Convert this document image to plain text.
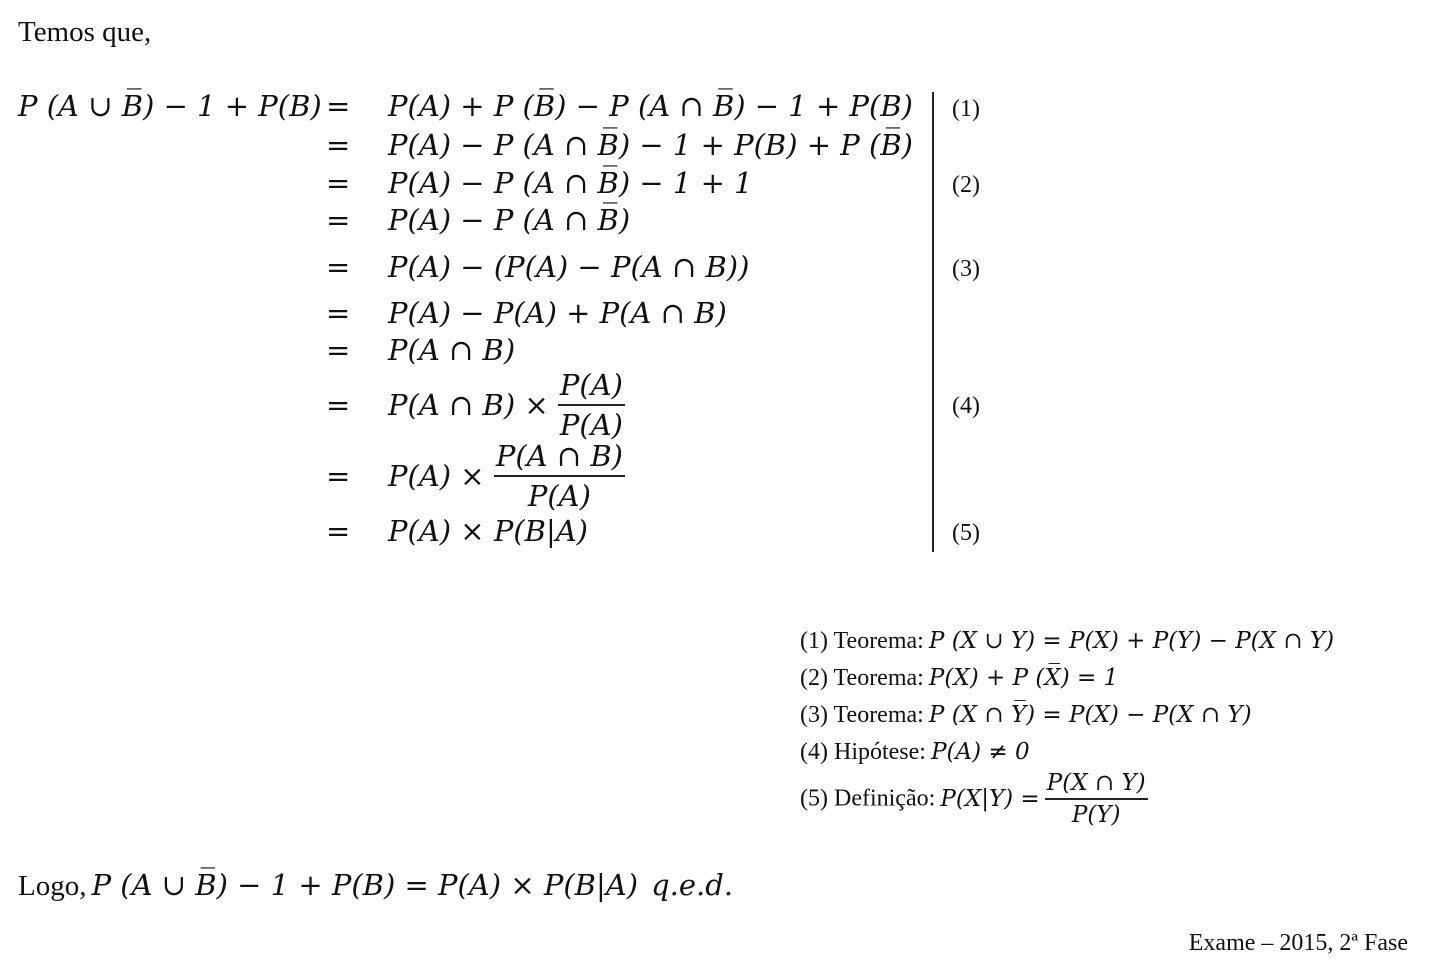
Temos que,
P (A ∪ B̅) − 1 + P(B) = P(A) + P (B̅) − P (A ∩ B̅) − 1 + P(B) (1)
= P(A) − P (A ∩ B̅) − 1 + P(B) + P (B̅)
= P(A) − P (A ∩ B̅) − 1 + 1	(2)
= P(A) − P (A ∩ B̅)
= P(A) − (P(A) − P(A ∩ B))	(3)
= P(A) − P(A) + P(A ∩ B)
= P(A ∩ B)
= P(A ∩ $B) \times \frac{P(A)}{P(A)}$	(4)
= $P(A) \times \frac{P(A \cap B)}{P(A)}$
= P(A) × P(B|A)	(5)
(1) Teorema: P (X ∪ Y) = P(X) + P(Y) − P(X ∩ Y)
(2) Teorema: P(X) + P (X̅) = 1
(3) Teorema: P (X ∩ Y̅) = P(X) − P(X ∩ Y)
(4) Hipótese: P(A) ≠ 0
(5) Definição: $P(X|Y) = \frac{P(X \cap Y)}{P(Y)}$
Logo, P (A ∪ B̅) − 1 + P(B) = P(A) × P(B|A) q.e.d.
Exame – 2015, 2ª Fase
